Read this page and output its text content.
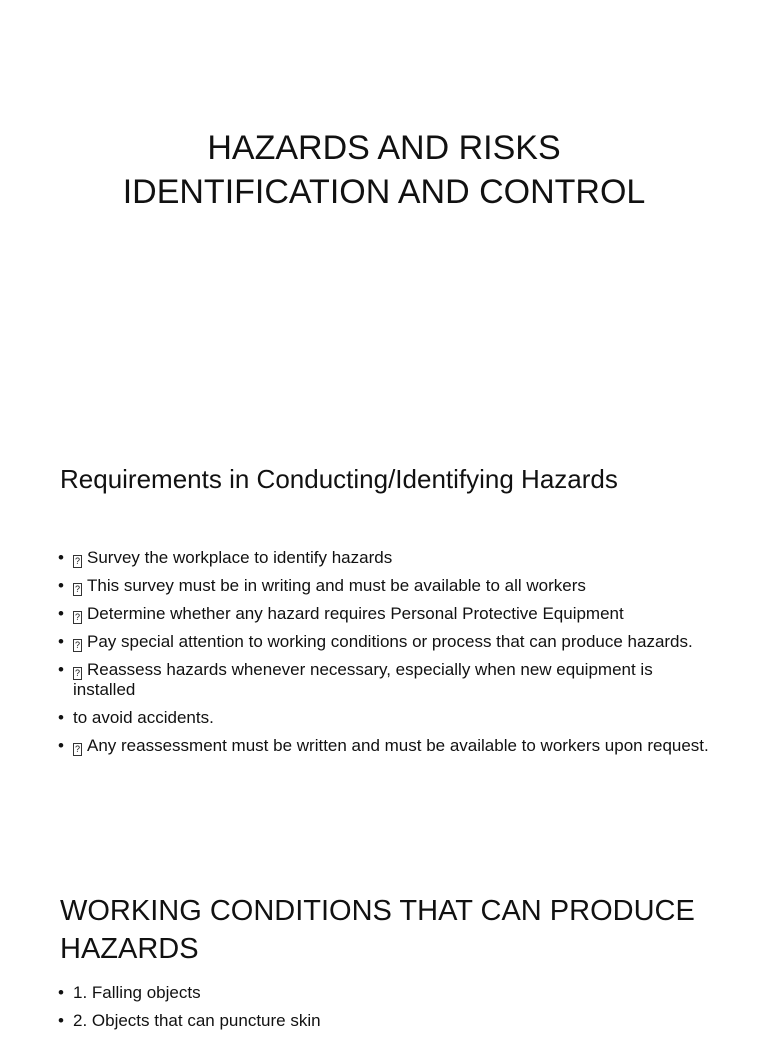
HAZARDS AND RISKS
IDENTIFICATION AND CONTROL
Requirements in Conducting/Identifying Hazards
• ? Survey the workplace to identify hazards
• ? This survey must be in writing and must be available to all workers
• ? Determine whether any hazard requires Personal Protective Equipment
• ? Pay special attention to working conditions or process that can produce hazards.
• ? Reassess hazards whenever necessary, especially when new equipment is installed
• to avoid accidents.
• ? Any reassessment must be written and must be available to workers upon request.
WORKING CONDITIONS THAT CAN PRODUCE
HAZARDS
• 1. Falling objects
• 2. Objects that can puncture skin
